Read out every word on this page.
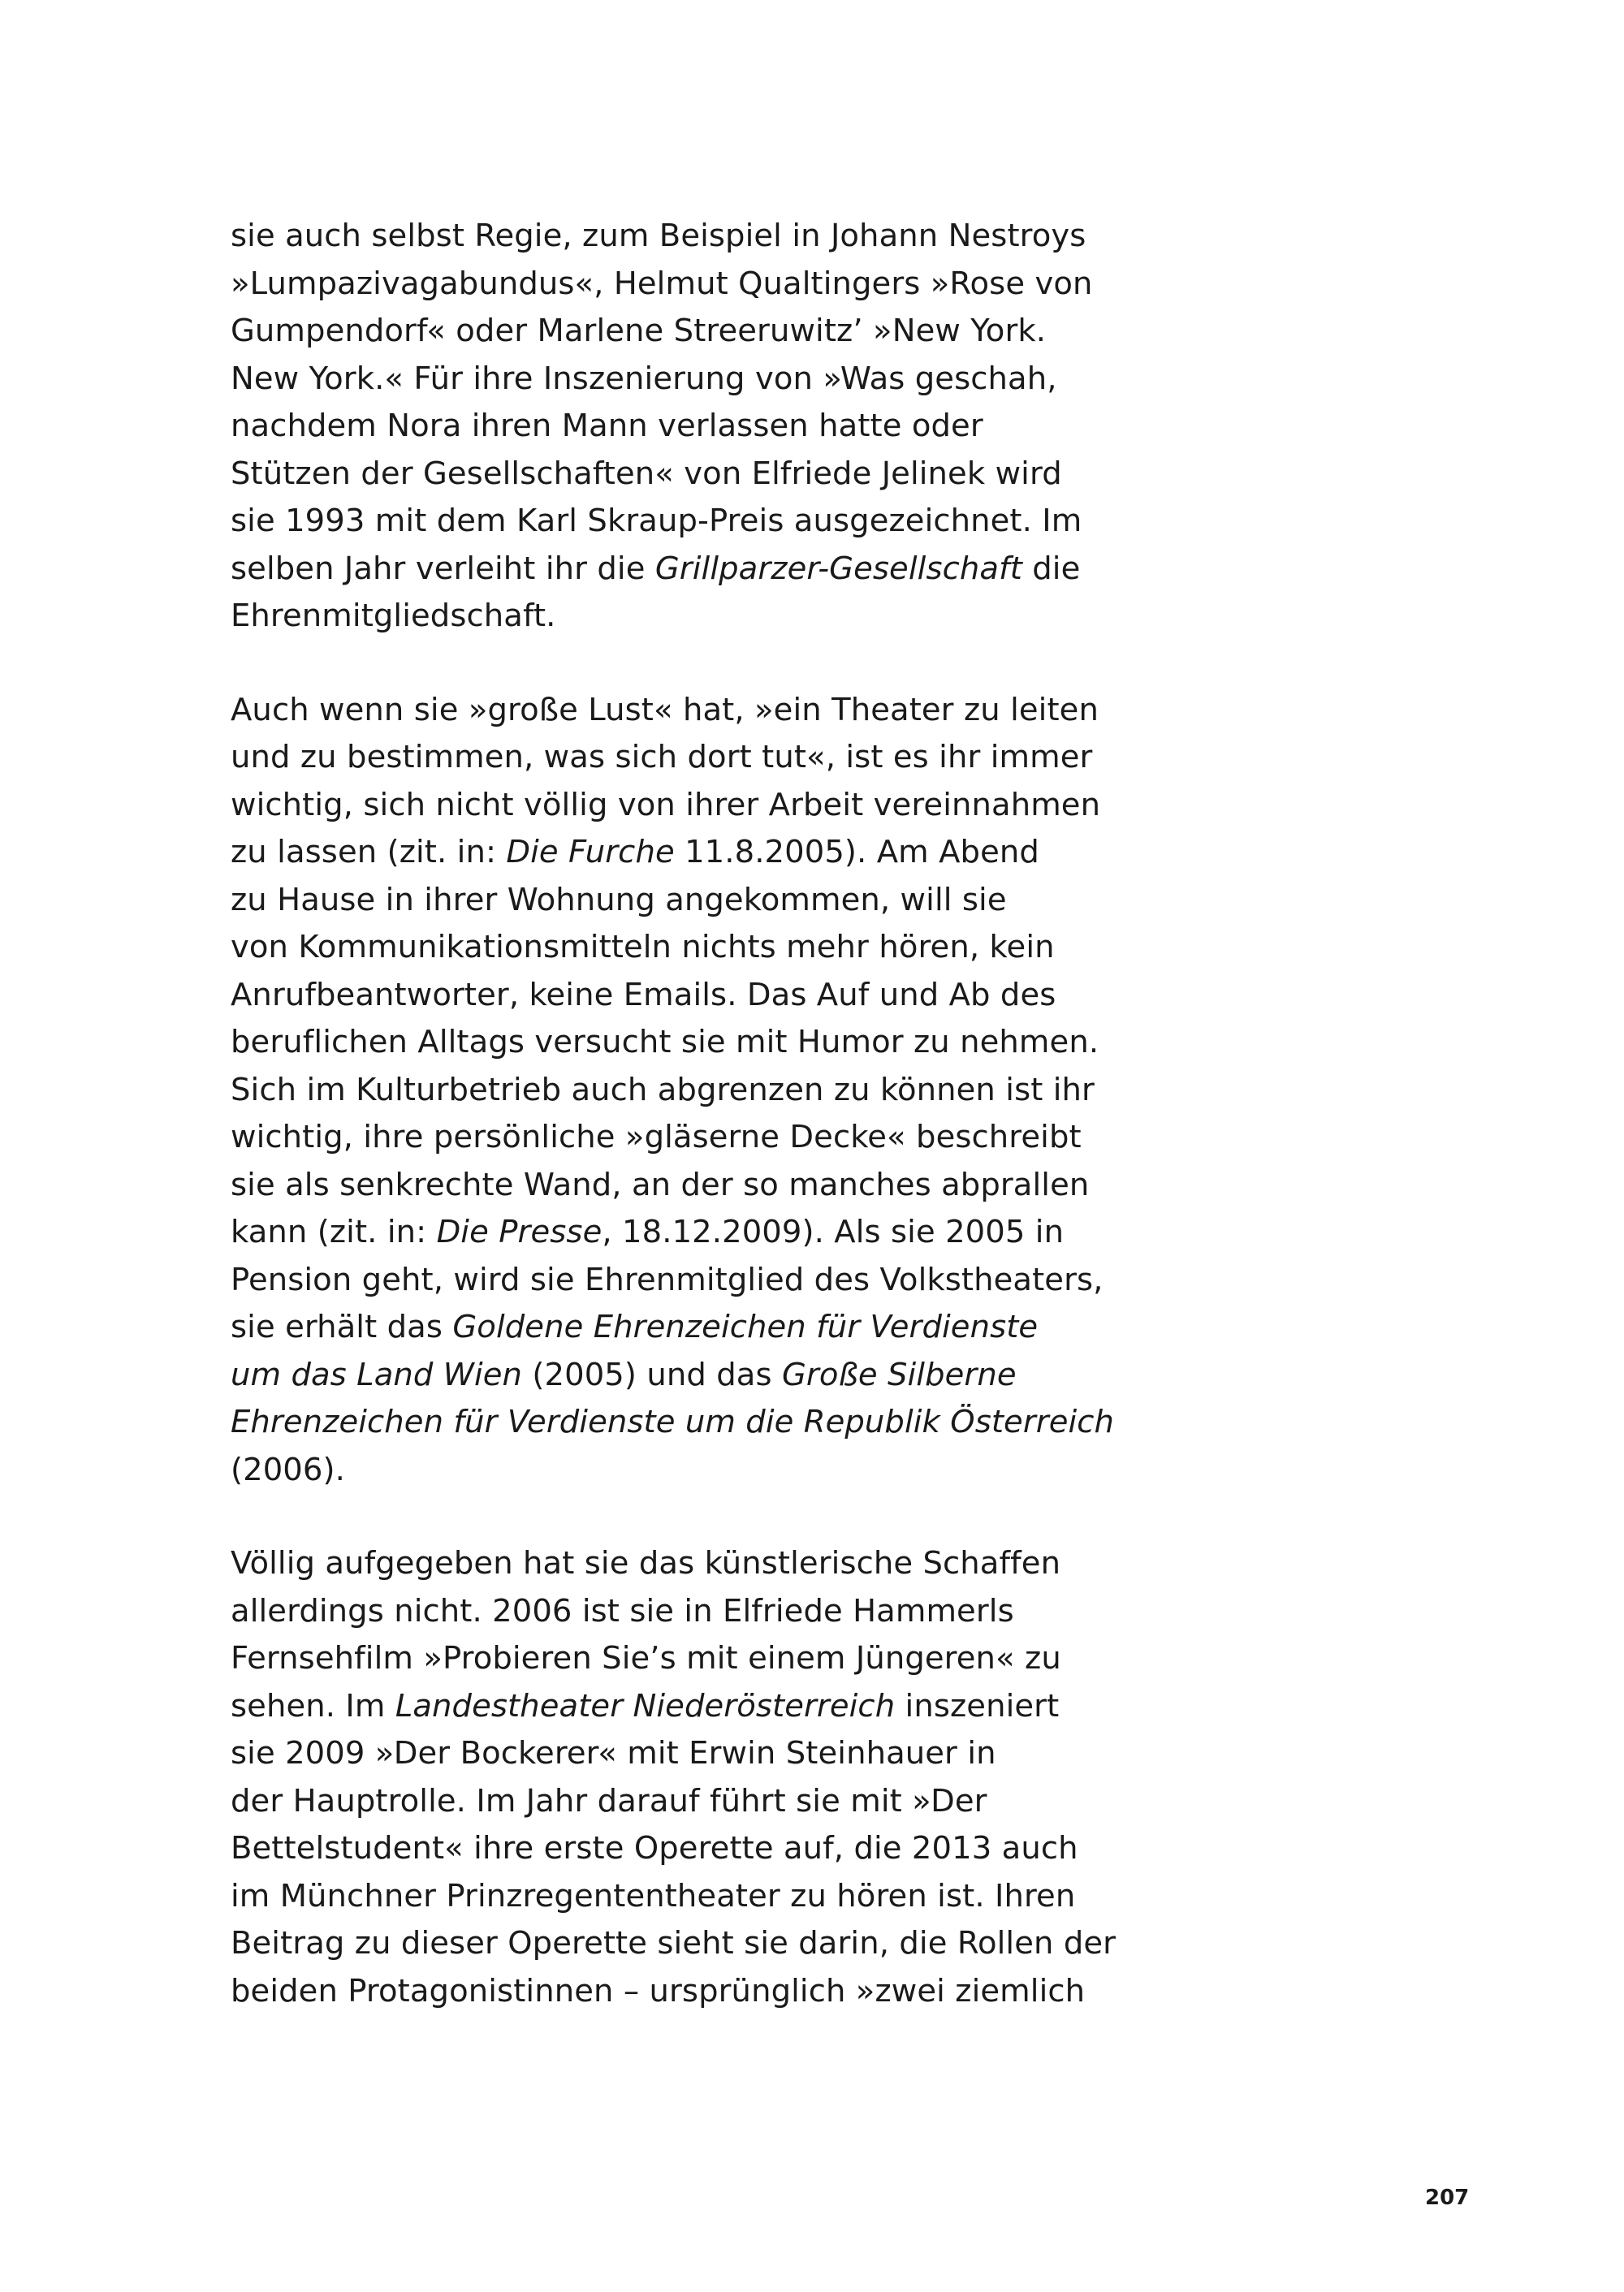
sie auch selbst Regie, zum Beispiel in Johann Nestroys
»Lumpazivagabundus«, Helmut Qualtingers »Rose von
Gumpendorf« oder Marlene Streeruwitz’ »New York.
New York.« Für ihre Inszenierung von »Was geschah,
nachdem Nora ihren Mann verlassen hatte oder
Stützen der Gesellschaften« von Elfriede Jelinek wird
sie 1993 mit dem Karl Skraup-Preis ausgezeichnet. Im
selben Jahr verleiht ihr die Grillparzer-Gesellschaft die
Ehrenmitgliedschaft.
Auch wenn sie »große Lust« hat, »ein Theater zu leiten
und zu bestimmen, was sich dort tut«, ist es ihr immer
wichtig, sich nicht völlig von ihrer Arbeit vereinnahmen
zu lassen (zit. in: Die Furche 11.8.2005). Am Abend
zu Hause in ihrer Wohnung angekommen, will sie
von Kommunikationsmitteln nichts mehr hören, kein
Anrufbeantworter, keine Emails. Das Auf und Ab des
beruflichen Alltags versucht sie mit Humor zu nehmen.
Sich im Kulturbetrieb auch abgrenzen zu können ist ihr
wichtig, ihre persönliche »gläserne Decke« beschreibt
sie als senkrechte Wand, an der so manches abprallen
kann (zit. in: Die Presse, 18.12.2009). Als sie 2005 in
Pension geht, wird sie Ehrenmitglied des Volkstheaters,
sie erhält das Goldene Ehrenzeichen für Verdienste
um das Land Wien (2005) und das Große Silberne
Ehrenzeichen für Verdienste um die Republik Österreich
(2006).
Völlig aufgegeben hat sie das künstlerische Schaffen
allerdings nicht. 2006 ist sie in Elfriede Hammerls
Fernsehfilm »Probieren Sie’s mit einem Jüngeren« zu
sehen. Im Landestheater Niederösterreich inszeniert
sie 2009 »Der Bockerer« mit Erwin Steinhauer in
der Hauptrolle. Im Jahr darauf führt sie mit »Der
Bettelstudent« ihre erste Operette auf, die 2013 auch
im Münchner Prinzregententheater zu hören ist. Ihren
Beitrag zu dieser Operette sieht sie darin, die Rollen der
beiden Protagonistinnen – ursprünglich »zwei ziemlich
207
